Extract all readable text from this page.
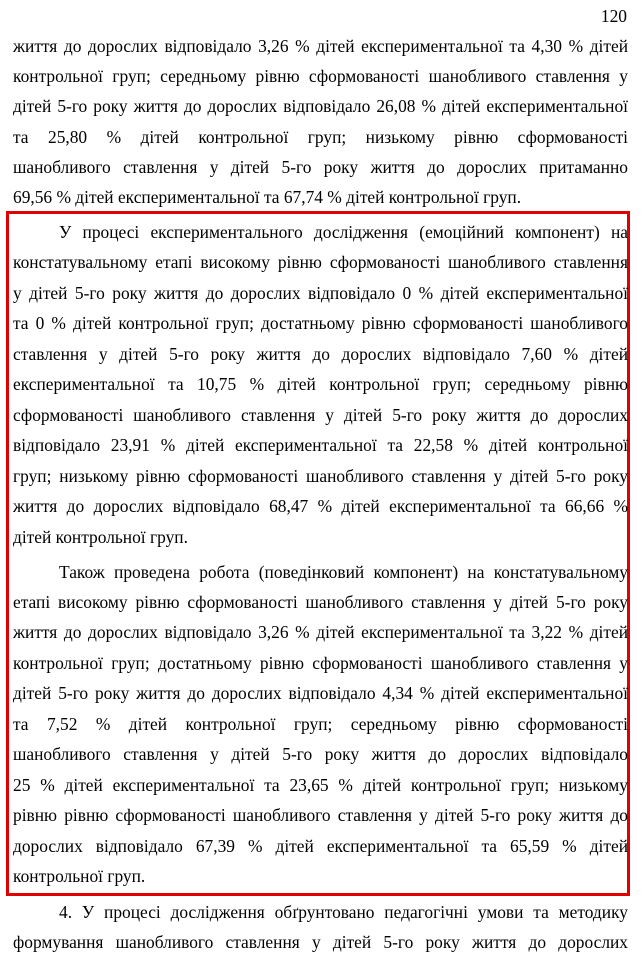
120
життя до дорослих відповідало 3,26 % дітей експериментальної та 4,30 % дітей
контрольної груп; середньому рівню сформованості шанобливого ставлення у
дітей 5-го року життя до дорослих відповідало 26,08 % дітей експериментальної
та 25,80 % дітей контрольної груп; низькому рівню сформованості
шанобливого ставлення у дітей 5-го року життя до дорослих притаманно
69,56 % дітей експериментальної та 67,74 % дітей контрольної груп.
У процесі експериментального дослідження (емоційний компонент) на
констатувальному етапі високому рівню сформованості шанобливого ставлення
у дітей 5-го року життя до дорослих відповідало 0 % дітей експериментальної
та 0 % дітей контрольної груп; достатньому рівню сформованості шанобливого
ставлення у дітей 5-го року життя до дорослих відповідало 7,60 % дітей
експериментальної та 10,75 % дітей контрольної груп; середньому рівню
сформованості шанобливого ставлення у дітей 5-го року життя до дорослих
відповідало 23,91 % дітей експериментальної та 22,58 % дітей контрольної
груп; низькому рівню сформованості шанобливого ставлення у дітей 5-го року
життя до дорослих відповідало 68,47 % дітей експериментальної та 66,66 %
дітей контрольної груп.
Також проведена робота (поведінковий компонент) на констатувальному
етапі високому рівню сформованості шанобливого ставлення у дітей 5-го року
життя до дорослих відповідало 3,26 % дітей експериментальної та 3,22 % дітей
контрольної груп; достатньому рівню сформованості шанобливого ставлення у
дітей 5-го року життя до дорослих відповідало 4,34 % дітей експериментальної
та 7,52 % дітей контрольної груп; середньому рівню сформованості
шанобливого ставлення у дітей 5-го року життя до дорослих відповідало
25 % дітей експериментальної та 23,65 % дітей контрольної груп; низькому
рівню рівню сформованості шанобливого ставлення у дітей 5-го року життя до
дорослих відповідало 67,39 % дітей експериментальної та 65,59 % дітей
контрольної груп.
4. У процесі дослідження обґрунтовано педагогічні умови та методику
формування шанобливого ставлення у дітей 5-го року життя до дорослих
